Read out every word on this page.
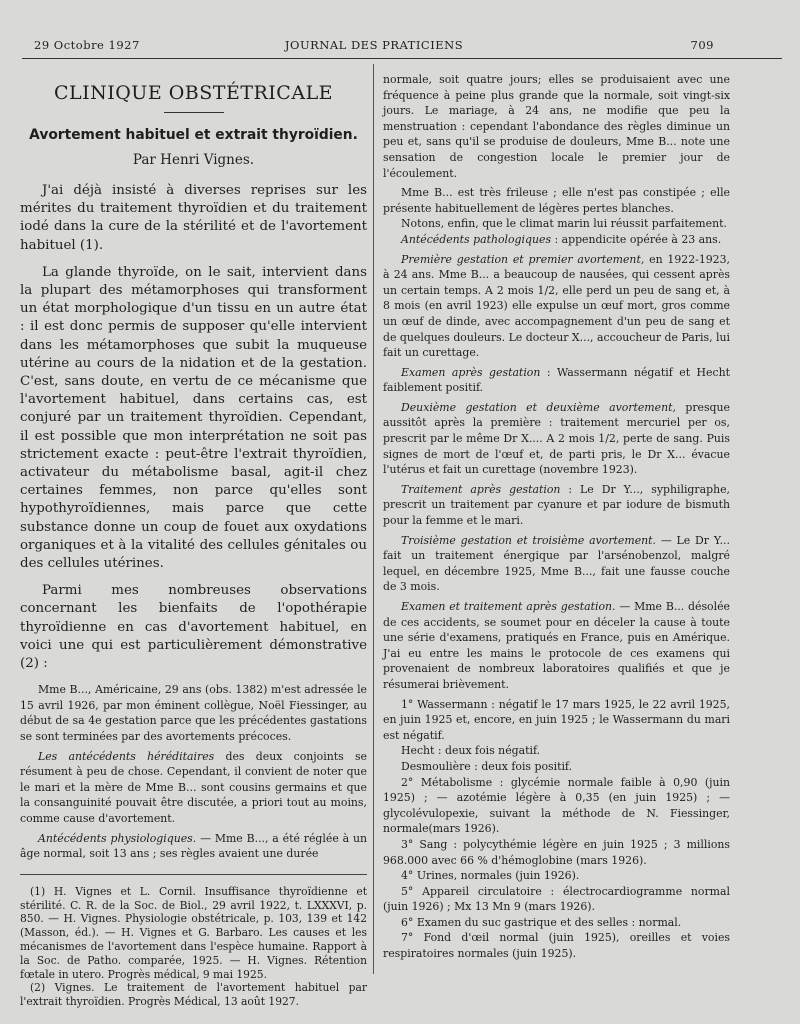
29 Octobre 1927	JOURNAL DES PRATICIENS	709
CLINIQUE OBSTÉTRICALE
Avortement habituel et extrait thyroïdien.
Par Henri Vignes.

J'ai déjà insisté à diverses reprises sur les mérites du traitement thyroïdien et du traitement iodé dans la cure de la stérilité et de l'avortement habituel (1).

La glande thyroïde, on le sait, intervient dans la plupart des métamorphoses qui transforment un état morphologique d'un tissu en un autre état : il est donc permis de supposer qu'elle intervient dans les métamorphoses que subit la muqueuse utérine au cours de la nidation et de la gestation. C'est, sans doute, en vertu de ce mécanisme que l'avortement habituel, dans certains cas, est conjuré par un traitement thyroïdien. Cependant, il est possible que mon interprétation ne soit pas strictement exacte : peut-être l'extrait thyroïdien, activateur du métabolisme basal, agit-il chez certaines femmes, non parce qu'elles sont hypothyroïdiennes, mais parce que cette substance donne un coup de fouet aux oxydations organiques et à la vitalité des cellules génitales ou des cellules utérines.

Parmi mes nombreuses observations concernant les bienfaits de l'opothérapie thyroïdienne en cas d'avortement habituel, en voici une qui est particulièrement démonstrative (2) :

Mme B..., Américaine, 29 ans (obs. 1382) m'est adressée le 15 avril 1926, par mon éminent collègue, Noël Fiessinger, au début de sa 4e gestation parce que les précédentes gastations se sont terminées par des avortements précoces.

Les antécédents héréditaires des deux conjoints se résument à peu de chose. Cependant, il convient de noter que le mari et la mère de Mme B... sont cousins germains et que la consanguinité pouvait être discutée, a priori tout au moins, comme cause d'avortement.

Antécédents physiologiques. — Mme B..., a été réglée à un âge normal, soit 13 ans ; ses règles avaient une durée

(1) H. Vignes et L. Cornil. Insuffisance thyroïdienne et stérilité. C. R. de la Soc. de Biol., 29 avril 1922, t. LXXXVI, p. 850. — H. Vignes. Physiologie obstétricale, p. 103, 139 et 142 (Masson, éd.). — H. Vignes et G. Barbaro. Les causes et les mécanismes de l'avortement dans l'espèce humaine. Rapport à la Soc. de Patho. comparée, 1925. — H. Vignes. Rétention fœtale in utero. Progrès médical, 9 mai 1925.

(2) Vignes. Le traitement de l'avortement habituel par l'extrait thyroïdien. Progrès Médical, 13 août 1927.

normale, soit quatre jours; elles se produisaient avec une fréquence à peine plus grande que la normale, soit vingt-six jours. Le mariage, à 24 ans, ne modifie que peu la menstruation : cependant l'abondance des règles diminue un peu et, sans qu'il se produise de douleurs, Mme B... note une sensation de congestion locale le premier jour de l'écoulement.

Mme B... est très frileuse ; elle n'est pas constipée ; elle présente habituellement de légères pertes blanches.

Notons, enfin, que le climat marin lui réussit parfaitement.

Antécédents pathologiques : appendicite opérée à 23 ans.

Première gestation et premier avortement, en 1922-1923, à 24 ans. Mme B... a beaucoup de nausées, qui cessent après un certain temps. A 2 mois 1/2, elle perd un peu de sang et, à 8 mois (en avril 1923) elle expulse un œuf mort, gros comme un œuf de dinde, avec accompagnement d'un peu de sang et de quelques douleurs. Le docteur X..., accoucheur de Paris, lui fait un curettage.

Examen après gestation : Wassermann négatif et Hecht faiblement positif.

Deuxième gestation et deuxième avortement, presque aussitôt après la première : traitement mercuriel per os, prescrit par le même Dr X.... A 2 mois 1/2, perte de sang. Puis signes de mort de l'œuf et, de parti pris, le Dr X... évacue l'utérus et fait un curettage (novembre 1923).

Traitement après gestation : Le Dr Y..., syphiligraphe, prescrit un traitement par cyanure et par iodure de bismuth pour la femme et le mari.

Troisième gestation et troisième avortement. — Le Dr Y... fait un traitement énergique par l'arsénobenzol, malgré lequel, en décembre 1925, Mme B..., fait une fausse couche de 3 mois.

Examen et traitement après gestation. — Mme B... désolée de ces accidents, se soumet pour en déceler la cause à toute une série d'examens, pratiqués en France, puis en Amérique. J'ai eu entre les mains le protocole de ces examens qui provenaient de nombreux laboratoires qualifiés et que je résumerai brièvement.

1° Wassermann : négatif le 17 mars 1925, le 22 avril 1925, en juin 1925 et, encore, en juin 1925 ; le Wassermann du mari est négatif.

Hecht : deux fois négatif.

Desmoulière : deux fois positif.

2° Métabolisme : glycémie normale faible à 0,90 (juin 1925) ; — azotémie légère à 0,35 (en juin 1925) ; — glycolévulopexie, suivant la méthode de N. Fiessinger, normale(mars 1926).

3° Sang : polycythémie légère en juin 1925 ; 3 millions 968.000 avec 66 % d'hémoglobine (mars 1926).

4° Urines, normales (juin 1926).

5° Appareil circulatoire : électrocardiogramme normal (juin 1926) ; Mx 13 Mn 9 (mars 1926).

6° Examen du suc gastrique et des selles : normal.

7° Fond d'œil normal (juin 1925), oreilles et voies respiratoires normales (juin 1925).
